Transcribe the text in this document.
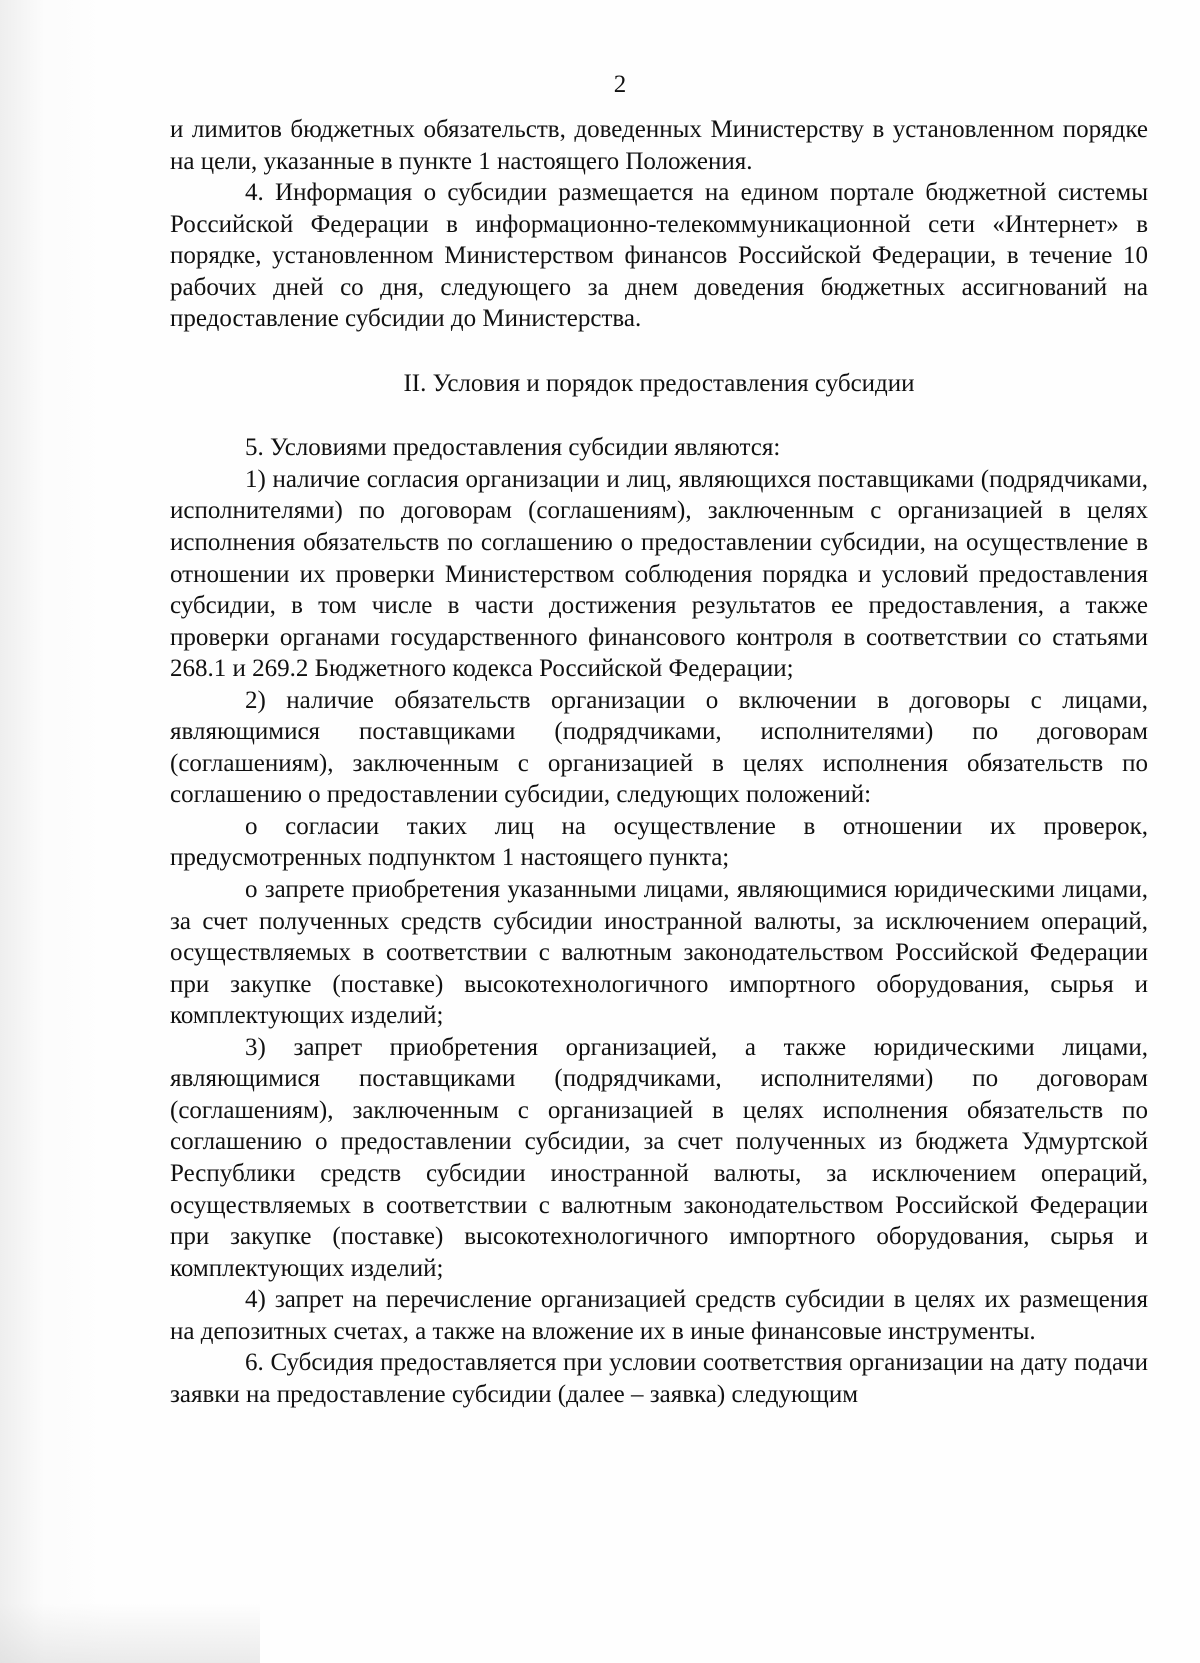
2

и лимитов бюджетных обязательств, доведенных Министерству в установленном порядке на цели, указанные в пункте 1 настоящего Положения.

4. Информация о субсидии размещается на едином портале бюджетной системы Российской Федерации в информационно-телекоммуникационной сети «Интернет» в порядке, установленном Министерством финансов Российской Федерации, в течение 10 рабочих дней со дня, следующего за днем доведения бюджетных ассигнований на предоставление субсидии до Министерства.

II. Условия и порядок предоставления субсидии

5. Условиями предоставления субсидии являются:

1) наличие согласия организации и лиц, являющихся поставщиками (подрядчиками, исполнителями) по договорам (соглашениям), заключенным с организацией в целях исполнения обязательств по соглашению о предоставлении субсидии, на осуществление в отношении их проверки Министерством соблюдения порядка и условий предоставления субсидии, в том числе в части достижения результатов ее предоставления, а также проверки органами государственного финансового контроля в соответствии со статьями 268.1 и 269.2 Бюджетного кодекса Российской Федерации;

2) наличие обязательств организации о включении в договоры с лицами, являющимися поставщиками (подрядчиками, исполнителями) по договорам (соглашениям), заключенным с организацией в целях исполнения обязательств по соглашению о предоставлении субсидии, следующих положений:

о согласии таких лиц на осуществление в отношении их проверок, предусмотренных подпунктом 1 настоящего пункта;

о запрете приобретения указанными лицами, являющимися юридическими лицами, за счет полученных средств субсидии иностранной валюты, за исключением операций, осуществляемых в соответствии с валютным законодательством Российской Федерации при закупке (поставке) высокотехнологичного импортного оборудования, сырья и комплектующих изделий;

3) запрет приобретения организацией, а также юридическими лицами, являющимися поставщиками (подрядчиками, исполнителями) по договорам (соглашениям), заключенным с организацией в целях исполнения обязательств по соглашению о предоставлении субсидии, за счет полученных из бюджета Удмуртской Республики средств субсидии иностранной валюты, за исключением операций, осуществляемых в соответствии с валютным законодательством Российской Федерации при закупке (поставке) высокотехнологичного импортного оборудования, сырья и комплектующих изделий;

4) запрет на перечисление организацией средств субсидии в целях их размещения на депозитных счетах, а также на вложение их в иные финансовые инструменты.

6. Субсидия предоставляется при условии соответствия организации на дату подачи заявки на предоставление субсидии (далее – заявка) следующим
